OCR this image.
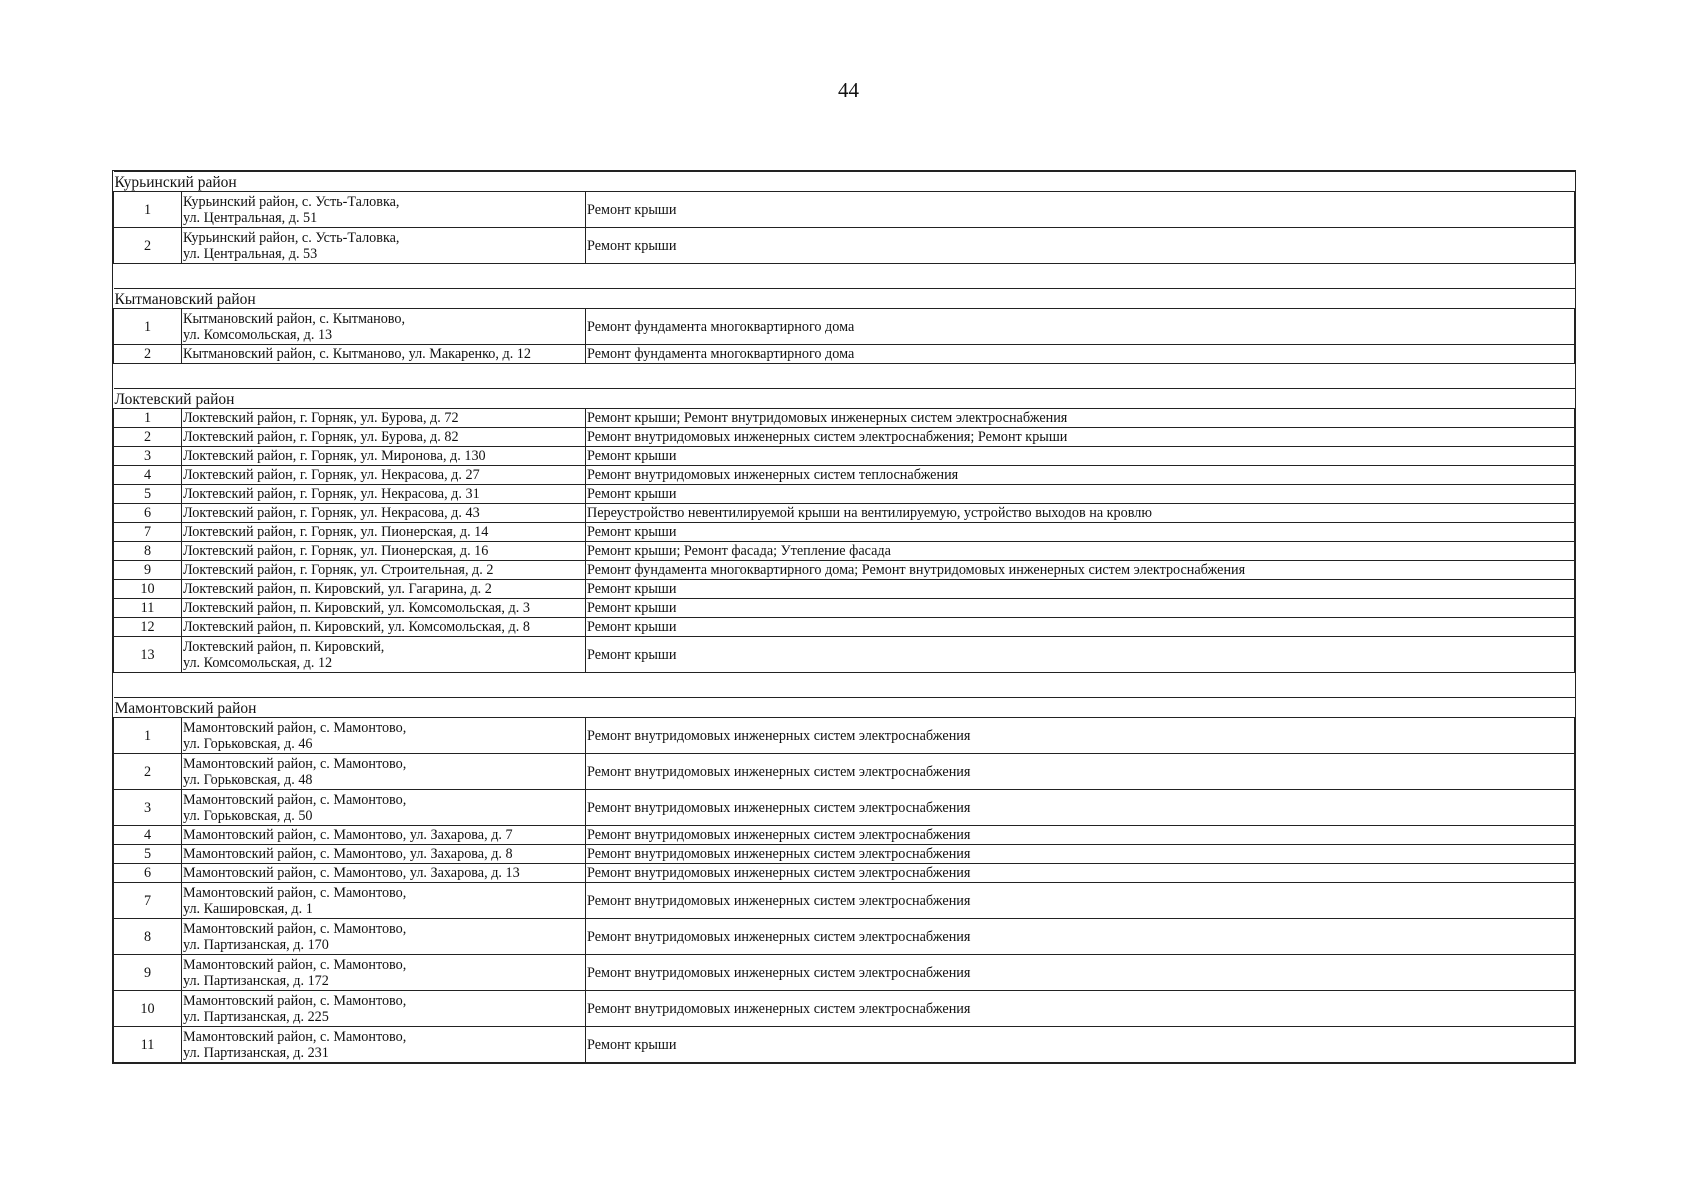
44
Курьинский район		
1	Курьинский район, с. Усть-Таловка,
ул. Центральная, д. 51	Ремонт крыши
2	Курьинский район, с. Усть-Таловка,
ул. Центральная, д. 53	Ремонт крыши

Кытмановский район		
1	Кытмановский район, с. Кытманово,
ул. Комсомольская, д. 13	Ремонт фундамента многоквартирного дома
2	Кытмановский район, с. Кытманово, ул. Макаренко, д. 12	Ремонт фундамента многоквартирного дома

Локтевский район		
1	Локтевский район, г. Горняк, ул. Бурова, д. 72	Ремонт крыши; Ремонт внутридомовых инженерных систем электроснабжения
2	Локтевский район, г. Горняк, ул. Бурова, д. 82	Ремонт внутридомовых инженерных систем электроснабжения; Ремонт крыши
3	Локтевский район, г. Горняк, ул. Миронова, д. 130	Ремонт крыши
4	Локтевский район, г. Горняк, ул. Некрасова, д. 27	Ремонт внутридомовых инженерных систем теплоснабжения
5	Локтевский район, г. Горняк, ул. Некрасова, д. 31	Ремонт крыши
6	Локтевский район, г. Горняк, ул. Некрасова, д. 43	Переустройство невентилируемой крыши на вентилируемую, устройство выходов на кровлю
7	Локтевский район, г. Горняк, ул. Пионерская, д. 14	Ремонт крыши
8	Локтевский район, г. Горняк, ул. Пионерская, д. 16	Ремонт крыши; Ремонт фасада; Утепление фасада
9	Локтевский район, г. Горняк, ул. Строительная, д. 2	Ремонт фундамента многоквартирного дома; Ремонт внутридомовых инженерных систем электроснабжения
10	Локтевский район, п. Кировский, ул. Гагарина, д. 2	Ремонт крыши
11	Локтевский район, п. Кировский, ул. Комсомольская, д. 3	Ремонт крыши
12	Локтевский район, п. Кировский, ул. Комсомольская, д. 8	Ремонт крыши
13	Локтевский район, п. Кировский,
ул. Комсомольская, д. 12	Ремонт крыши

Мамонтовский район		
1	Мамонтовский район, с. Мамонтово,
ул. Горьковская, д. 46	Ремонт внутридомовых инженерных систем электроснабжения
2	Мамонтовский район, с. Мамонтово,
ул. Горьковская, д. 48	Ремонт внутридомовых инженерных систем электроснабжения
3	Мамонтовский район, с. Мамонтово,
ул. Горьковская, д. 50	Ремонт внутридомовых инженерных систем электроснабжения
4	Мамонтовский район, с. Мамонтово, ул. Захарова, д. 7	Ремонт внутридомовых инженерных систем электроснабжения
5	Мамонтовский район, с. Мамонтово, ул. Захарова, д. 8	Ремонт внутридомовых инженерных систем электроснабжения
6	Мамонтовский район, с. Мамонтово, ул. Захарова, д. 13	Ремонт внутридомовых инженерных систем электроснабжения
7	Мамонтовский район, с. Мамонтово,
ул. Кашировская, д. 1	Ремонт внутридомовых инженерных систем электроснабжения
8	Мамонтовский район, с. Мамонтово,
ул. Партизанская, д. 170	Ремонт внутридомовых инженерных систем электроснабжения
9	Мамонтовский район, с. Мамонтово,
ул. Партизанская, д. 172	Ремонт внутридомовых инженерных систем электроснабжения
10	Мамонтовский район, с. Мамонтово,
ул. Партизанская, д. 225	Ремонт внутридомовых инженерных систем электроснабжения
11	Мамонтовский район, с. Мамонтово,
ул. Партизанская, д. 231	Ремонт крыши
